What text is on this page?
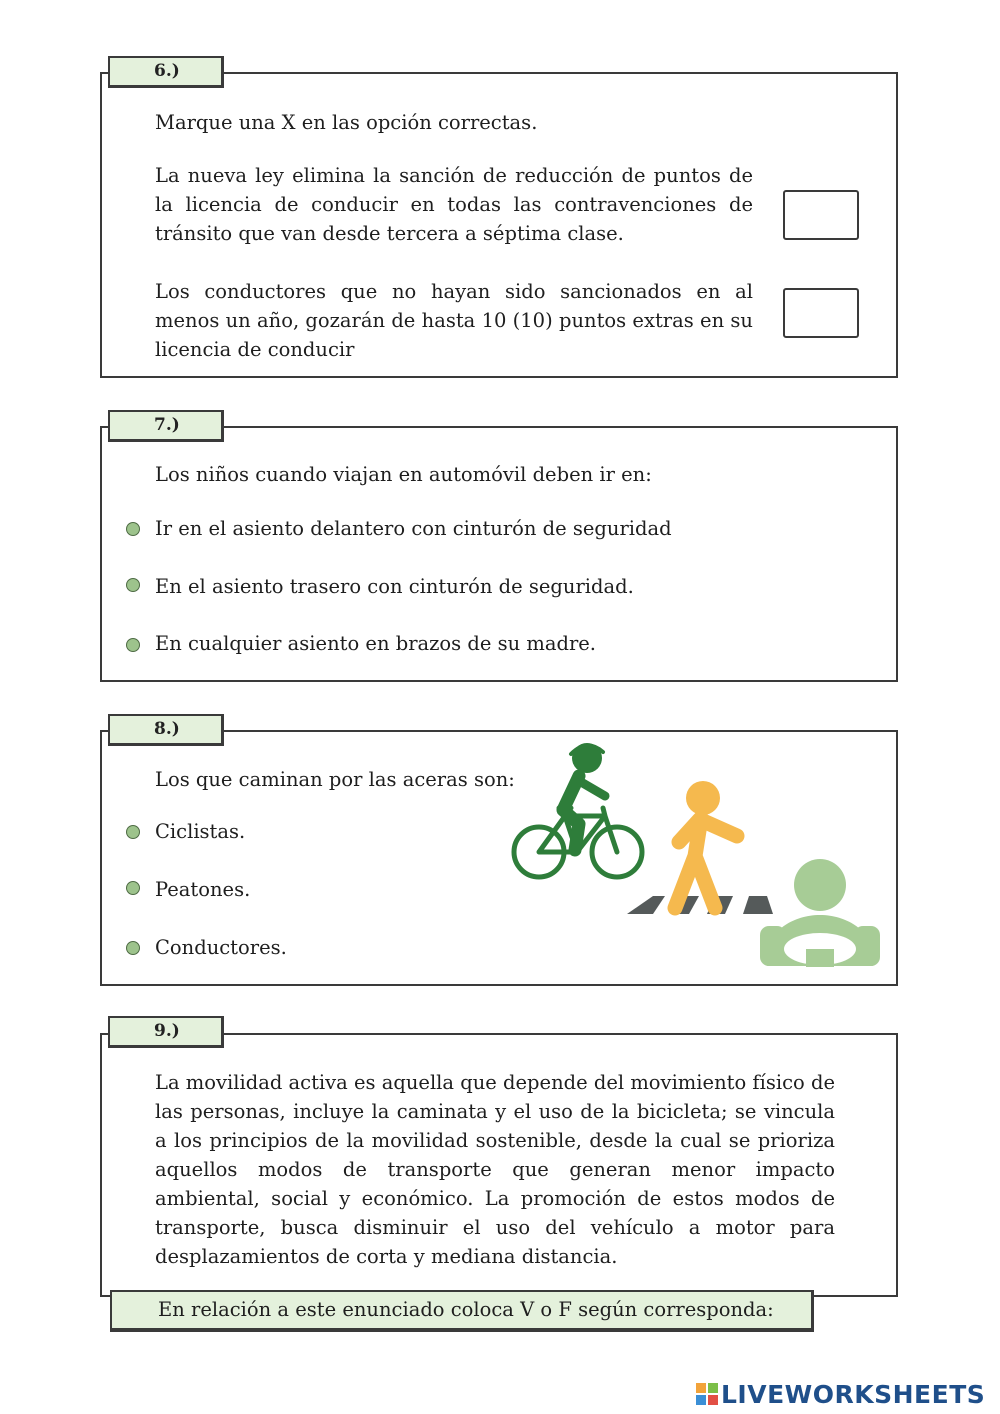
6.)

Marque una X en las opción correctas.

La nueva ley elimina la sanción de reducción de puntos de la licencia de conducir en todas las contravenciones de tránsito que van desde tercera a séptima clase.

Los conductores que no hayan sido sancionados en al menos un año, gozarán de hasta 10 (10) puntos extras en su licencia de conducir

7.)

Los niños cuando viajan en automóvil deben ir en:

Ir en el asiento delantero con cinturón de seguridad
En el asiento trasero con cinturón de seguridad.
En cualquier asiento en brazos de su madre.
8.)

Los que caminan por las aceras son:

Ciclistas.
Peatones.
Conductores.
9.)

La movilidad activa es aquella que depende del movimiento físico de las personas, incluye la caminata y el uso de la bicicleta; se vincula a los principios de la movilidad sostenible, desde la cual se prioriza aquellos modos de transporte que generan menor impacto ambiental, social y económico. La promoción de estos modos de transporte, busca disminuir el uso del vehículo a motor para desplazamientos de corta y mediana distancia.

En relación a este enunciado coloca V o F según corresponda:
LIVEWORKSHEETS
